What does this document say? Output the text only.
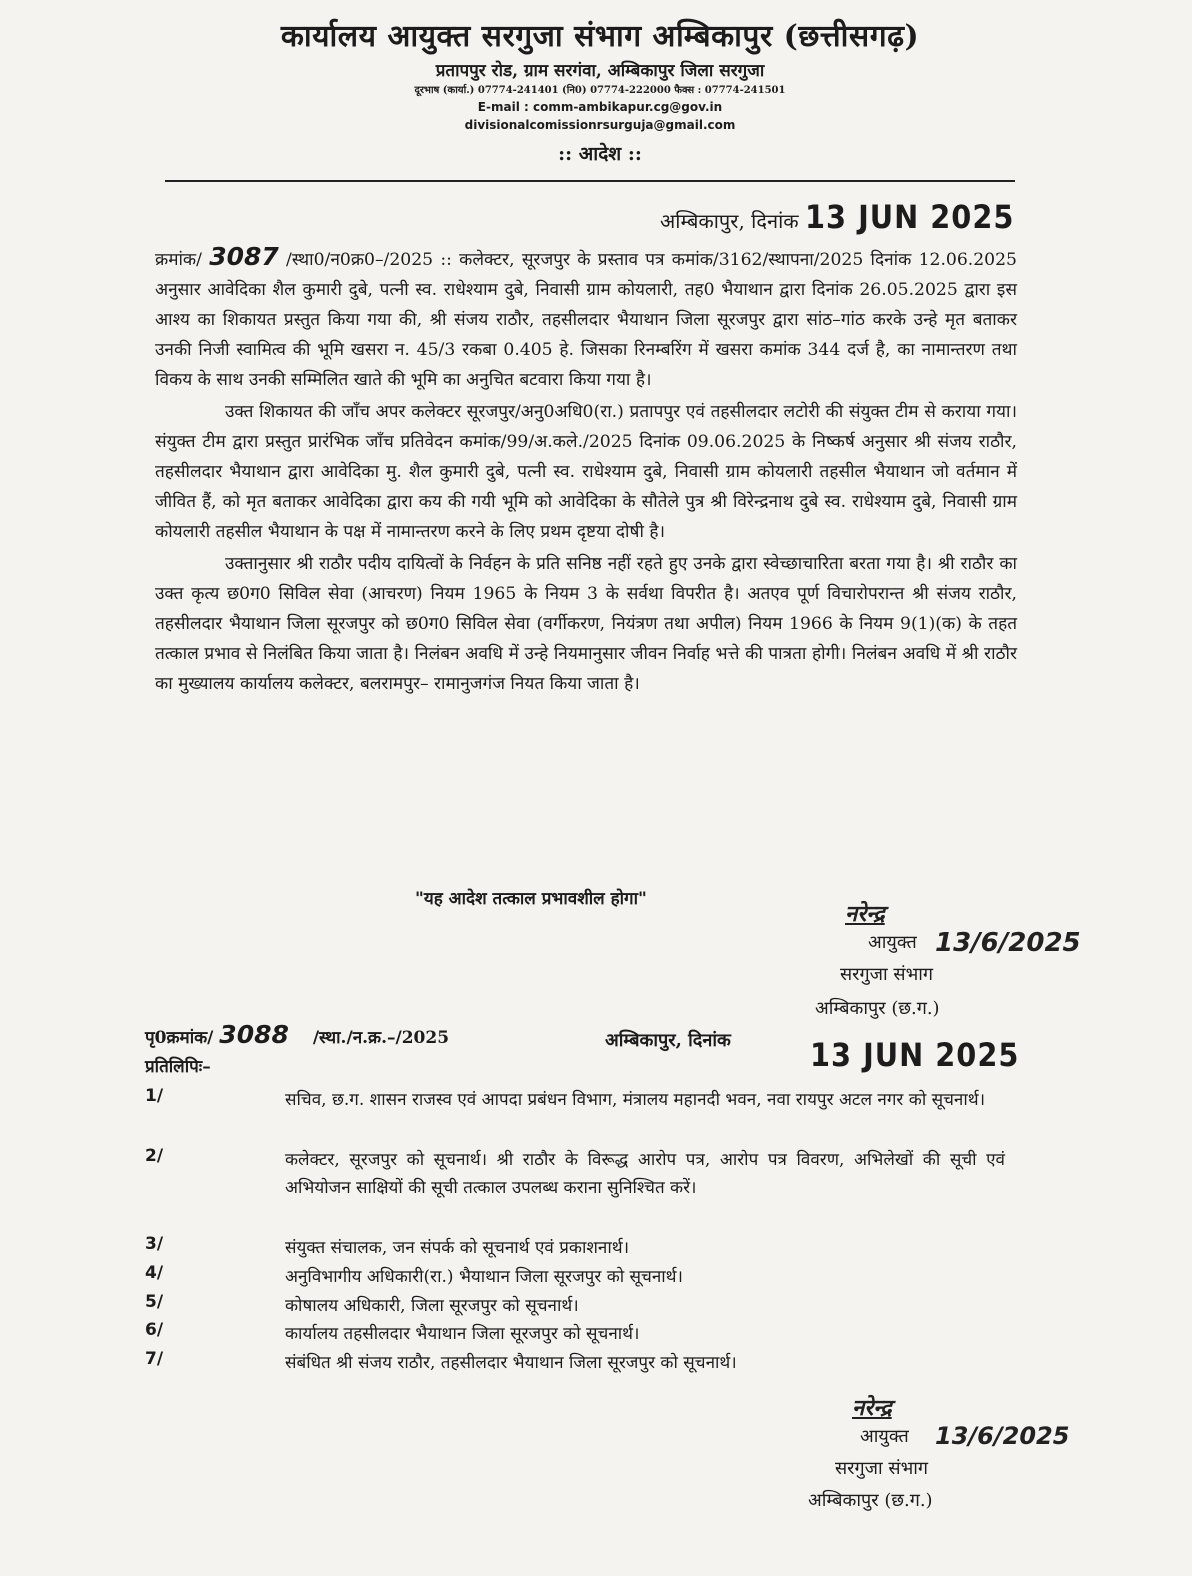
कार्यालय आयुक्त सरगुजा संभाग अम्बिकापुर (छत्तीसगढ़)
प्रतापपुर रोड, ग्राम सरगंवा, अम्बिकापुर जिला सरगुजा
दूरभाष (कार्या.) 07774-241401 (नि0) 07774-222000 फैक्स : 07774-241501
E-mail : comm-ambikapur.cg@gov.in
divisionalcomissionrsurguja@gmail.com
:: आदेश ::
अम्बिकापुर, दिनांक 13 JUN 2025

क्रमांक/ 3087 /स्था0/न0क्र0–/2025 :: कलेक्टर, सूरजपुर के प्रस्ताव पत्र कमांक/3162/स्थापना/2025 दिनांक 12.06.2025 अनुसार आवेदिका शैल कुमारी दुबे, पत्नी स्व. राधेश्याम दुबे, निवासी ग्राम कोयलारी, तह0 भैयाथान द्वारा दिनांक 26.05.2025 द्वारा इस आश्य का शिकायत प्रस्तुत किया गया की, श्री संजय राठौर, तहसीलदार भैयाथान जिला सूरजपुर द्वारा सांठ–गांठ करके उन्हे मृत बताकर उनकी निजी स्वामित्व की भूमि खसरा न. 45/3 रकबा 0.405 हे. जिसका रिनम्बरिंग में खसरा कमांक 344 दर्ज है, का नामान्तरण तथा विकय के साथ उनकी सम्मिलित खाते की भूमि का अनुचित बटवारा किया गया है।

उक्त शिकायत की जाँच अपर कलेक्टर सूरजपुर/अनु0अधि0(रा.) प्रतापपुर एवं तहसीलदार लटोरी की संयुक्त टीम से कराया गया। संयुक्त टीम द्वारा प्रस्तुत प्रारंभिक जाँच प्रतिवेदन कमांक/99/अ.कले./2025 दिनांक 09.06.2025 के निष्कर्ष अनुसार श्री संजय राठौर, तहसीलदार भैयाथान द्वारा आवेदिका मु. शैल कुमारी दुबे, पत्नी स्व. राधेश्याम दुबे, निवासी ग्राम कोयलारी तहसील भैयाथान जो वर्तमान में जीवित हैं, को मृत बताकर आवेदिका द्वारा कय की गयी भूमि को आवेदिका के सौतेले पुत्र श्री विरेन्द्रनाथ दुबे स्व. राधेश्याम दुबे, निवासी ग्राम कोयलारी तहसील भैयाथान के पक्ष में नामान्तरण करने के लिए प्रथम दृष्टया दोषी है।

उक्तानुसार श्री राठौर पदीय दायित्वों के निर्वहन के प्रति सनिष्ठ नहीं रहते हुए उनके द्वारा स्वेच्छाचारिता बरता गया है। श्री राठौर का उक्त कृत्य छ0ग0 सिविल सेवा (आचरण) नियम 1965 के नियम 3 के सर्वथा विपरीत है। अतएव पूर्ण विचारोपरान्त श्री संजय राठौर, तहसीलदार भैयाथान जिला सूरजपुर को छ0ग0 सिविल सेवा (वर्गीकरण, नियंत्रण तथा अपील) नियम 1966 के नियम 9(1)(क) के तहत तत्काल प्रभाव से निलंबित किया जाता है। निलंबन अवधि में उन्हे नियमानुसार जीवन निर्वाह भत्ते की पात्रता होगी। निलंबन अवधि में श्री राठौर का मुख्यालय कार्यालय कलेक्टर, बलरामपुर– रामानुजगंज नियत किया जाता है।

"यह आदेश तत्काल प्रभावशील होगा"
नरेन्द्र
आयुक्त 13/6/2025
सरगुजा संभाग
अम्बिकापुर (छ.ग.)
पृ0क्रमांक/ 3088 /स्था./न.क्र.–/2025	अम्बिकापुर, दिनांक 13 JUN 2025
प्रतिलिपिः–
1/	सचिव, छ.ग. शासन राजस्व एवं आपदा प्रबंधन विभाग, मंत्रालय महानदी भवन, नवा रायपुर अटल नगर को सूचनार्थ।
2/	कलेक्टर, सूरजपुर को सूचनार्थ। श्री राठौर के विरूद्ध आरोप पत्र, आरोप पत्र विवरण, अभिलेखों की सूची एवं अभियोजन साक्षियों की सूची तत्काल उपलब्ध कराना सुनिश्चित करें।
3/	संयुक्त संचालक, जन संपर्क को सूचनार्थ एवं प्रकाशनार्थ।
4/	अनुविभागीय अधिकारी(रा.) भैयाथान जिला सूरजपुर को सूचनार्थ।
5/	कोषालय अधिकारी, जिला सूरजपुर को सूचनार्थ।
6/	कार्यालय तहसीलदार भैयाथान जिला सूरजपुर को सूचनार्थ।
7/	संबंधित श्री संजय राठौर, तहसीलदार भैयाथान जिला सूरजपुर को सूचनार्थ।
नरेन्द्र
आयुक्त 13/6/2025
सरगुजा संभाग
अम्बिकापुर (छ.ग.)
